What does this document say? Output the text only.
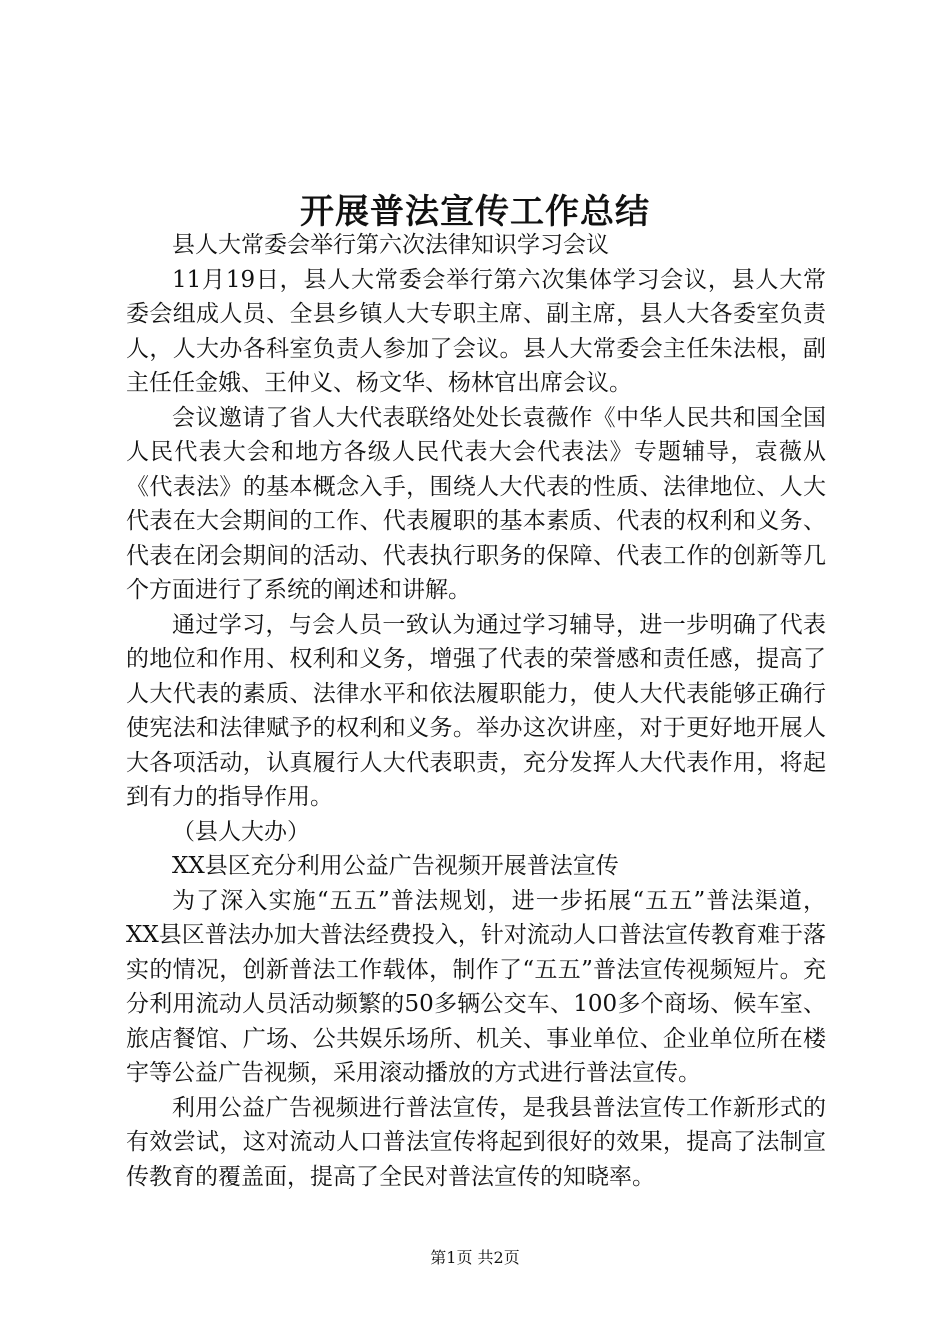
开展普法宣传工作总结

县人大常委会举行第六次法律知识学习会议

11月19日，县人大常委会举行第六次集体学习会议，县人大常委会组成人员、全县乡镇人大专职主席、副主席，县人大各委室负责人，人大办各科室负责人参加了会议。县人大常委会主任朱法根，副主任任金娥、王仲义、杨文华、杨林官出席会议。

会议邀请了省人大代表联络处处长袁薇作《中华人民共和国全国人民代表大会和地方各级人民代表大会代表法》专题辅导，袁薇从《代表法》的基本概念入手，围绕人大代表的性质、法律地位、人大代表在大会期间的工作、代表履职的基本素质、代表的权利和义务、代表在闭会期间的活动、代表执行职务的保障、代表工作的创新等几个方面进行了系统的阐述和讲解。

通过学习，与会人员一致认为通过学习辅导，进一步明确了代表的地位和作用、权利和义务，增强了代表的荣誉感和责任感，提高了人大代表的素质、法律水平和依法履职能力，使人大代表能够正确行使宪法和法律赋予的权利和义务。举办这次讲座，对于更好地开展人大各项活动，认真履行人大代表职责，充分发挥人大代表作用，将起到有力的指导作用。

（县人大办）

XX县区充分利用公益广告视频开展普法宣传

为了深入实施“五五”普法规划，进一步拓展“五五”普法渠道，XX县区普法办加大普法经费投入，针对流动人口普法宣传教育难于落实的情况，创新普法工作载体，制作了“五五”普法宣传视频短片。充分利用流动人员活动频繁的50多辆公交车、100多个商场、候车室、旅店餐馆、广场、公共娱乐场所、机关、事业单位、企业单位所在楼宇等公益广告视频，采用滚动播放的方式进行普法宣传。

利用公益广告视频进行普法宣传，是我县普法宣传工作新形式的有效尝试，这对流动人口普法宣传将起到很好的效果，提高了法制宣传教育的覆盖面，提高了全民对普法宣传的知晓率。

第1页 共2页
